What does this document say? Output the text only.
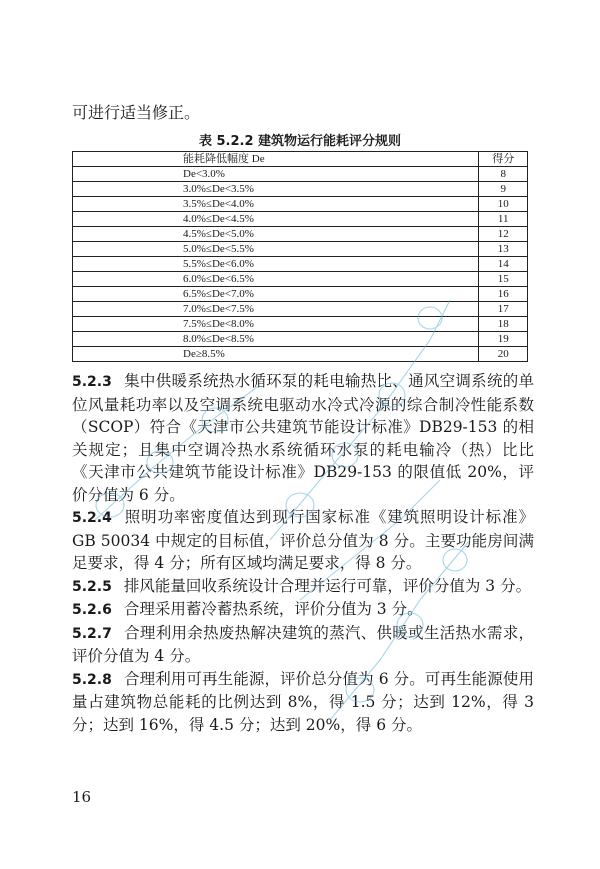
可进行适当修正。
表 5.2.2 建筑物运行能耗评分规则
能耗降低幅度 De	得分
De<3.0%	8
3.0%≤De<3.5%	9
3.5%≤De<4.0%	10
4.0%≤De<4.5%	11
4.5%≤De<5.0%	12
5.0%≤De<5.5%	13
5.5%≤De<6.0%	14
6.0%≤De<6.5%	15
6.5%≤De<7.0%	16
7.0%≤De<7.5%	17
7.5%≤De<8.0%	18
8.0%≤De<8.5%	19
De≥8.5%	20

5.2.3 集中供暖系统热水循环泵的耗电输热比、通风空调系统的单位风量耗功率以及空调系统电驱动水冷式冷源的综合制冷性能系数（SCOP）符合《天津市公共建筑节能设计标准》DB29-153 的相关规定；且集中空调冷热水系统循环水泵的耗电输冷（热）比比《天津市公共建筑节能设计标准》DB29-153 的限值低 20%，评价分值为 6 分。

5.2.4 照明功率密度值达到现行国家标准《建筑照明设计标准》GB 50034 中规定的目标值，评价总分值为 8 分。主要功能房间满足要求，得 4 分；所有区域均满足要求，得 8 分。

5.2.5 排风能量回收系统设计合理并运行可靠，评价分值为 3 分。

5.2.6 合理采用蓄冷蓄热系统，评价分值为 3 分。

5.2.7 合理利用余热废热解决建筑的蒸汽、供暖或生活热水需求，评价分值为 4 分。

5.2.8 合理利用可再生能源，评价总分值为 6 分。可再生能源使用量占建筑物总能耗的比例达到 8%，得 1.5 分；达到 12%，得 3 分；达到 16%，得 4.5 分；达到 20%，得 6 分。

16
